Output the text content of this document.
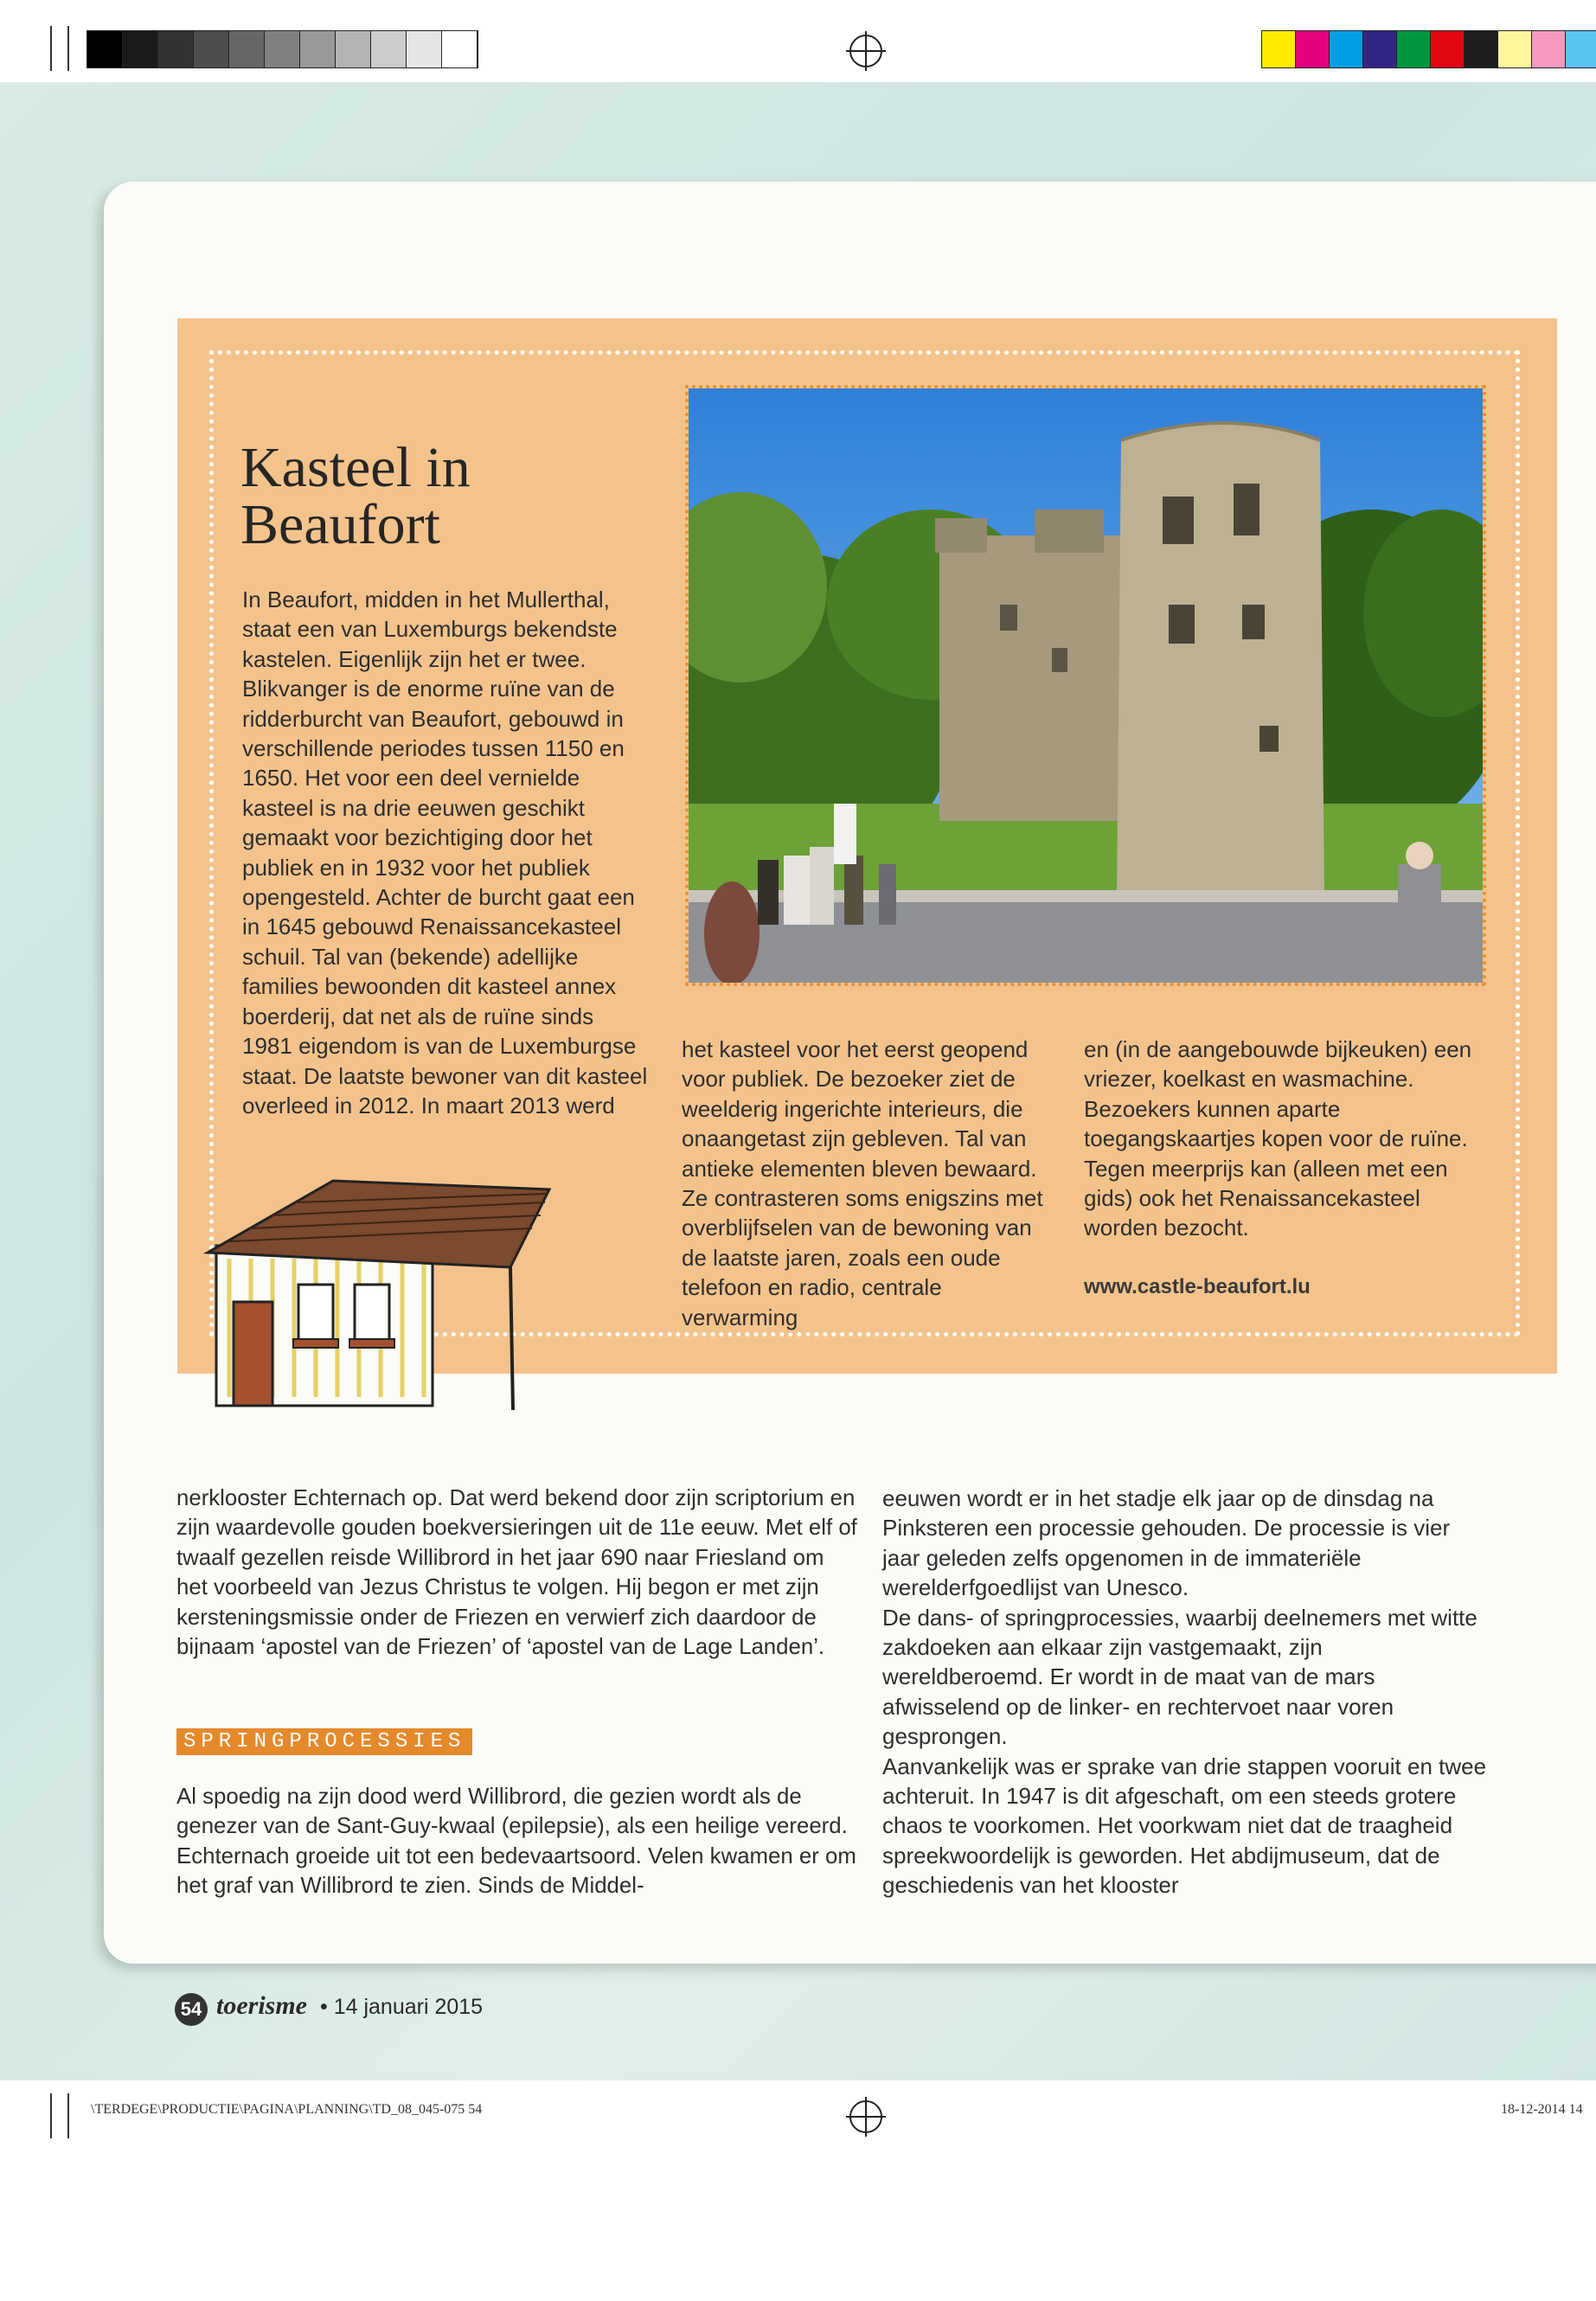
Kasteel in
Beaufort

In Beaufort, midden in het Mullerthal, staat een van Luxemburgs bekendste kastelen. Eigenlijk zijn het er twee. Blikvanger is de enorme ruïne van de ridderburcht van Beaufort, gebouwd in verschillende periodes tussen 1150 en 1650. Het voor een deel vernielde kasteel is na drie eeuwen geschikt gemaakt voor bezichtiging door het publiek en in 1932 voor het publiek opengesteld. Achter de burcht gaat een in 1645 gebouwd Renaissancekasteel schuil. Tal van (bekende) adellijke families bewoonden dit kasteel annex boerderij, dat net als de ruïne sinds 1981 eigendom is van de Luxemburgse staat. De laatste bewoner van dit kasteel overleed in 2012. In maart 2013 werd

het kasteel voor het eerst geopend voor publiek. De bezoeker ziet de weelderig ingerichte interieurs, die onaangetast zijn gebleven. Tal van antieke elementen bleven bewaard. Ze contrasteren soms enigszins met overblijfselen van de bewoning van de laatste jaren, zoals een oude telefoon en radio, centrale verwarming

en (in de aangebouwde bijkeuken) een vriezer, koelkast en wasmachine. Bezoekers kunnen aparte toegangskaartjes kopen voor de ruïne. Tegen meerprijs kan (alleen met een gids) ook het Renaissancekasteel worden bezocht.

www.castle-beaufort.lu

nerklooster Echternach op. Dat werd bekend door zijn scriptorium en zijn waardevolle gouden boekversieringen uit de 11e eeuw. Met elf of twaalf gezellen reisde Willibrord in het jaar 690 naar Friesland om het voorbeeld van Jezus Christus te volgen. Hij begon er met zijn kersteningsmissie onder de Friezen en verwierf zich daardoor de bijnaam ‘apostel van de Friezen’ of ‘apostel van de Lage Landen’.

SPRINGPROCESSIES

Al spoedig na zijn dood werd Willibrord, die gezien wordt als de genezer van de Sant-Guy-kwaal (epilepsie), als een heilige vereerd. Echternach groeide uit tot een bedevaartsoord. Velen kwamen er om het graf van Willibrord te zien. Sinds de Middel-

eeuwen wordt er in het stadje elk jaar op de dinsdag na Pinksteren een processie gehouden. De processie is vier jaar geleden zelfs opgenomen in de immateriële werelderfgoedlijst van Unesco.

De dans- of springprocessies, waarbij deelnemers met witte zakdoeken aan elkaar zijn vastgemaakt, zijn wereldberoemd. Er wordt in de maat van de mars afwisselend op de linker- en rechtervoet naar voren gesprongen.

Aanvankelijk was er sprake van drie stappen vooruit en twee achteruit. In 1947 is dit afgeschaft, om een steeds grotere chaos te voorkomen. Het voorkwam niet dat de traagheid spreekwoordelijk is geworden. Het abdijmuseum, dat de geschiedenis van het klooster

54 toerisme • 14 januari 2015
\TERDEGE\PRODUCTIE\PAGINA\PLANNING\TD_08_045-075 54	18-12-2014 14
